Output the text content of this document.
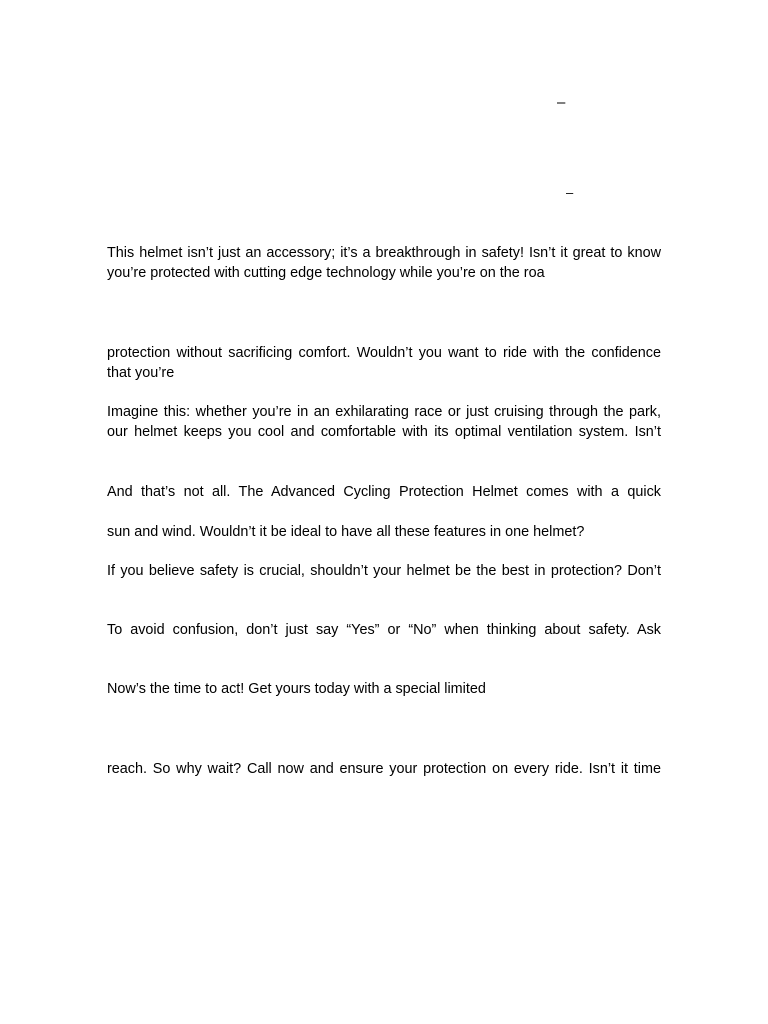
–
–
This helmet isn’t just an accessory; it’s a breakthrough in safety! Isn’t it great to know
you’re protected with cutting edge technology while you’re on the roa
protection without sacrificing comfort. Wouldn’t you want to ride with the confidence
that you’re
Imagine this: whether you’re in an exhilarating race or just cruising through the park,
our helmet keeps you cool and comfortable with its optimal ventilation system. Isn’t
And that’s not all. The Advanced Cycling Protection Helmet comes with a quick
sun and wind. Wouldn’t it be ideal to have all these features in one helmet?
If you believe safety is crucial, shouldn’t your helmet be the best in protection? Don’t
To avoid confusion, don’t just say “Yes” or “No” when thinking about safety. Ask
Now’s the time to act! Get yours today with a special limited
reach. So why wait? Call now and ensure your protection on every ride. Isn’t it time
